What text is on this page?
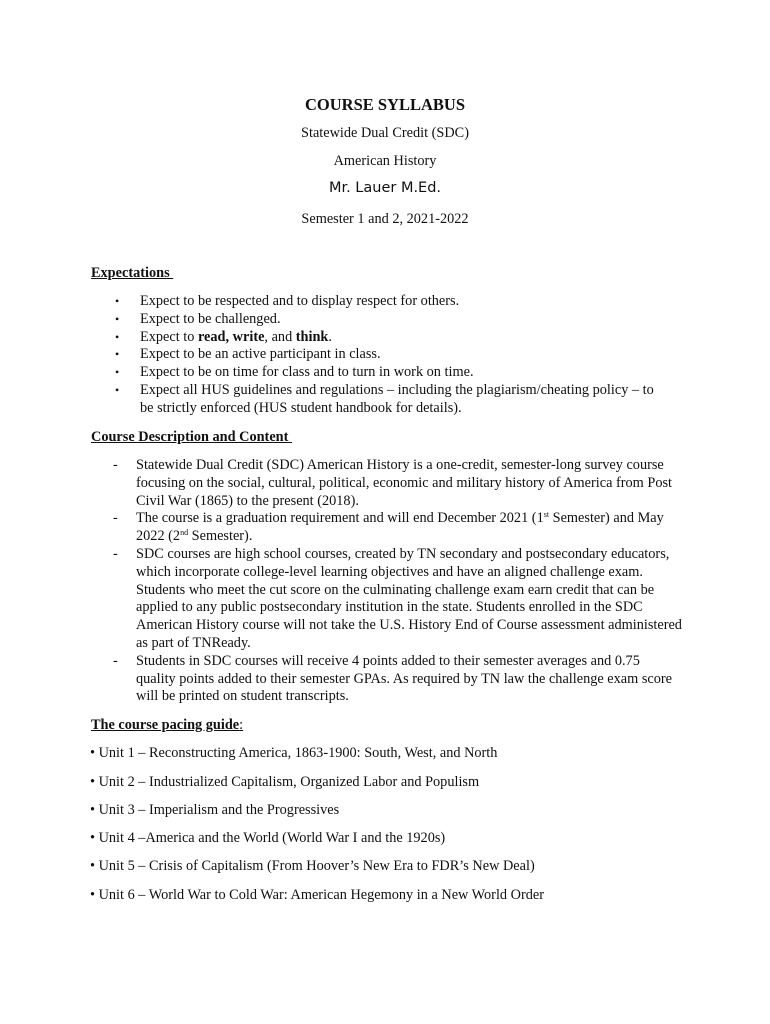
COURSE SYLLABUS
Statewide Dual Credit (SDC)
American History
Mr. Lauer M.Ed.
Semester 1 and 2, 2021-2022
Expectations
• Expect to be respected and to display respect for others.
• Expect to be challenged.
• Expect to read, write, and think.
• Expect to be an active participant in class.
• Expect to be on time for class and to turn in work on time.
• Expect all HUS guidelines and regulations – including the plagiarism/cheating policy – to be strictly enforced (HUS student handbook for details).
Course Description and Content
- Statewide Dual Credit (SDC) American History is a one-credit, semester-long survey course focusing on the social, cultural, political, economic and military history of America from Post Civil War (1865) to the present (2018).
- The course is a graduation requirement and will end December 2021 (1st Semester) and May 2022 (2nd Semester).
- SDC courses are high school courses, created by TN secondary and postsecondary educators, which incorporate college-level learning objectives and have an aligned challenge exam. Students who meet the cut score on the culminating challenge exam earn credit that can be applied to any public postsecondary institution in the state. Students enrolled in the SDC American History course will not take the U.S. History End of Course assessment administered as part of TNReady.
- Students in SDC courses will receive 4 points added to their semester averages and 0.75 quality points added to their semester GPAs. As required by TN law the challenge exam score will be printed on student transcripts.
The course pacing guide:
• Unit 1 – Reconstructing America, 1863-1900: South, West, and North
• Unit 2 – Industrialized Capitalism, Organized Labor and Populism
• Unit 3 – Imperialism and the Progressives
• Unit 4 –America and the World (World War I and the 1920s)
• Unit 5 – Crisis of Capitalism (From Hoover’s New Era to FDR’s New Deal)
• Unit 6 – World War to Cold War: American Hegemony in a New World Order
